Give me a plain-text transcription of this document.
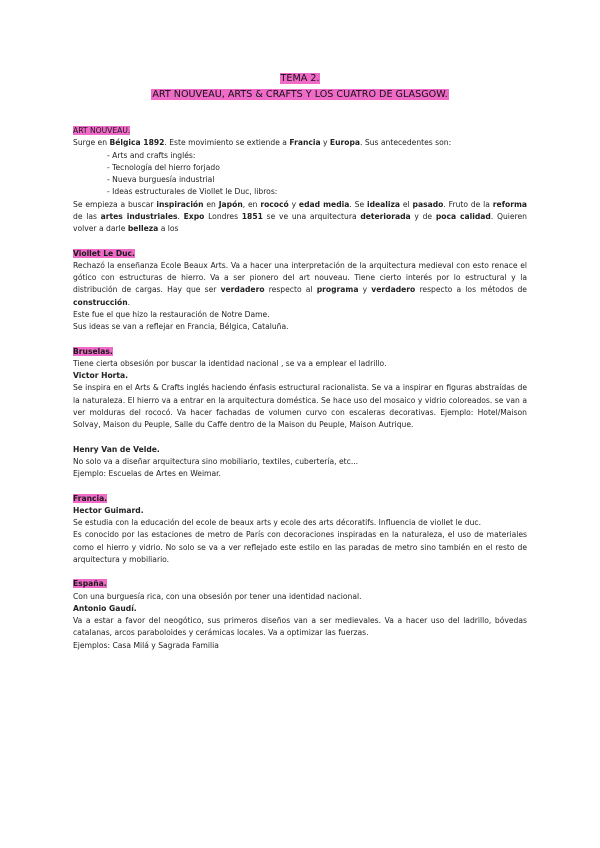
TEMA 2.
ART NOUVEAU, ARTS & CRAFTS Y LOS CUATRO DE GLASGOW.

ART NOUVEAU.

Surge en Bélgica 1892. Este movimiento se extiende a Francia y Europa. Sus antecedentes son:

- Arts and crafts inglés:

- Tecnología del hierro forjado

- Nueva burguesía industrial

- Ideas estructurales de Viollet le Duc, libros:

Se empieza a buscar inspiración en Japón, en rococó y edad media. Se idealiza el pasado. Fruto de la reforma de las artes industriales. Expo Londres 1851 se ve una arquitectura deteriorada y de poca calidad. Quieren volver a darle belleza a los

Viollet Le Duc.

Rechazó la enseñanza Ecole Beaux Arts. Va a hacer una interpretación de la arquitectura medieval con esto renace el gótico con estructuras de hierro. Va a ser pionero del art nouveau. Tiene cierto interés por lo estructural y la distribución de cargas. Hay que ser verdadero respecto al programa y verdadero respecto a los métodos de construcción.

Este fue el que hizo la restauración de Notre Dame.

Sus ideas se van a reflejar en Francia, Bélgica, Cataluña.

Bruselas.

Tiene cierta obsesión por buscar la identidad nacional , se va a emplear el ladrillo.

Victor Horta.

Se inspira en el Arts & Crafts inglés haciendo énfasis estructural racionalista. Se va a inspirar en figuras abstraídas de la naturaleza. El hierro va a entrar en la arquitectura doméstica. Se hace uso del mosaico y vidrio coloreados. se van a ver molduras del rococó. Va hacer fachadas de volumen curvo con escaleras decorativas. Ejemplo: Hotel/Maison Solvay, Maison du Peuple, Salle du Caffe dentro de la Maison du Peuple, Maison Autrique.

Henry Van de Velde.

No solo va a diseñar arquitectura sino mobiliario, textiles, cubertería, etc...

Ejemplo: Escuelas de Artes en Weimar.

Francia.

Hector Guimard.

Se estudia con la educación del ecole de beaux arts y ecole des arts décoratifs. Influencia de viollet le duc.

Es conocido por las estaciones de metro de París con decoraciones inspiradas en la naturaleza, el uso de materiales como el hierro y vidrio. No solo se va a ver reflejado este estilo en las paradas de metro sino también en el resto de arquitectura y mobiliario.

España.

Con una burguesía rica, con una obsesión por tener una identidad nacional.

Antonio Gaudí.

Va a estar a favor del neogótico, sus primeros diseños van a ser medievales. Va a hacer uso del ladrillo, bóvedas catalanas, arcos paraboloides y cerámicas locales. Va a optimizar las fuerzas.

Ejemplos: Casa Milá y Sagrada Familia
